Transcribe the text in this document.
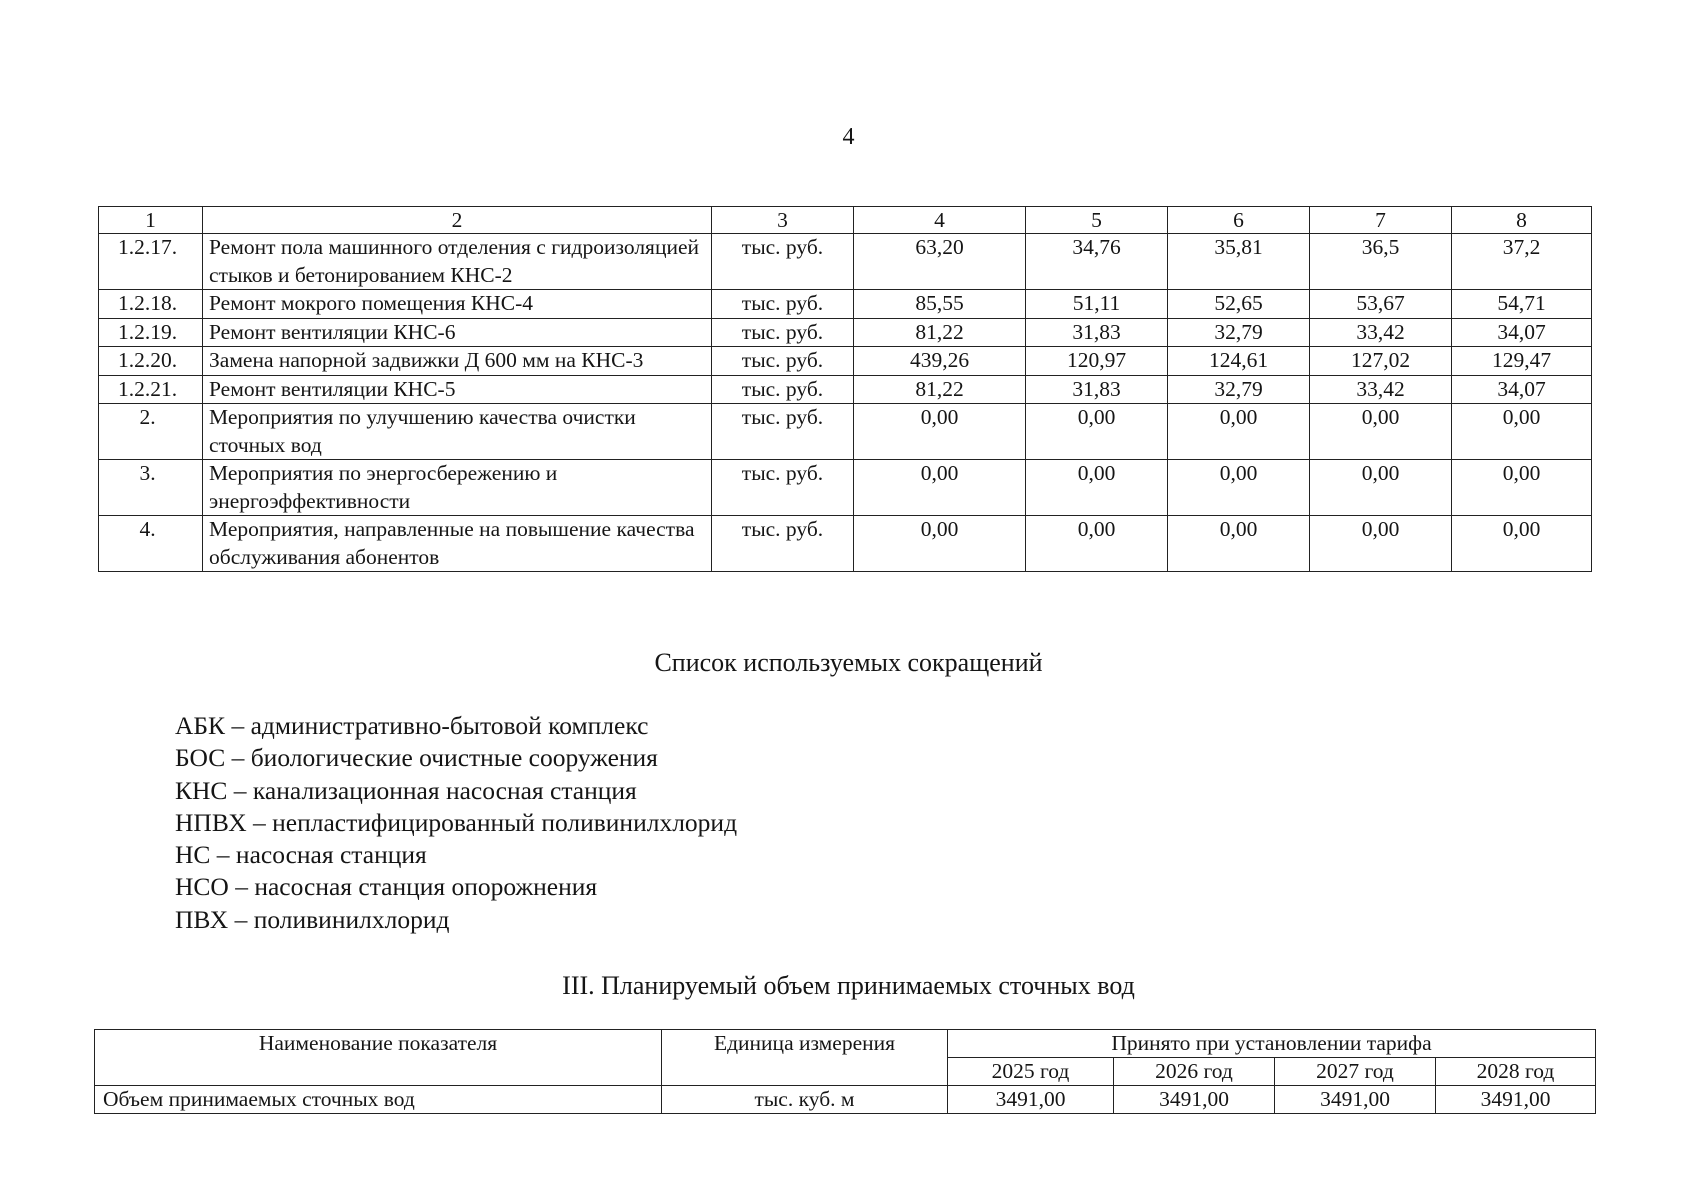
4
1	2	3	4	5	6	7	8
1.2.17.	Ремонт пола машинного отделения с гидроизоляцией стыков и бетонированием КНС-2	тыс. руб.	63,20	34,76	35,81	36,5	37,2
1.2.18.	Ремонт мокрого помещения КНС-4	тыс. руб.	85,55	51,11	52,65	53,67	54,71
1.2.19.	Ремонт вентиляции КНС-6	тыс. руб.	81,22	31,83	32,79	33,42	34,07
1.2.20.	Замена напорной задвижки Д 600 мм на КНС-3	тыс. руб.	439,26	120,97	124,61	127,02	129,47
1.2.21.	Ремонт вентиляции КНС-5	тыс. руб.	81,22	31,83	32,79	33,42	34,07
2.	Мероприятия по улучшению качества очистки сточных вод	тыс. руб.	0,00	0,00	0,00	0,00	0,00
3.	Мероприятия по энергосбережению и энергоэффективности	тыс. руб.	0,00	0,00	0,00	0,00	0,00
4.	Мероприятия, направленные на повышение качества обслуживания абонентов	тыс. руб.	0,00	0,00	0,00	0,00	0,00
Список используемых сокращений
АБК – административно-бытовой комплекс
БОС – биологические очистные сооружения
КНС – канализационная насосная станция
НПВХ – непластифицированный поливинилхлорид
НС – насосная станция
НСО – насосная станция опорожнения
ПВХ – поливинилхлорид
III. Планируемый объем принимаемых сточных вод
Наименование показателя	Единица измерения	Принято при установлении тарифа			
		2025 год	2026 год	2027 год	2028 год
Объем принимаемых сточных вод	тыс. куб. м	3491,00	3491,00	3491,00	3491,00
